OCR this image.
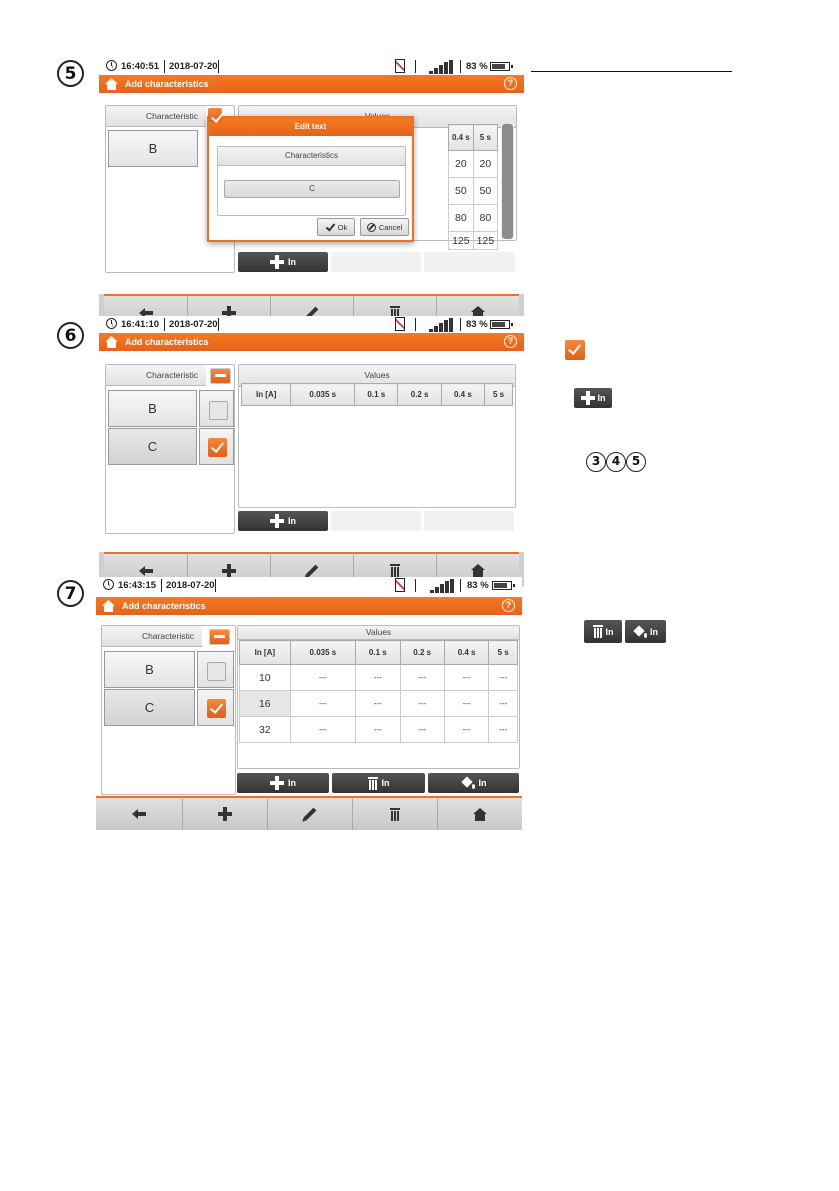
5	16:40:51 2018-07-20	83 %
Add characteristics	?
Characteristic
B
0.4 s	5 s
20	20
50	50
80	80
125	125
In
Edit text
Characteristics
C
Ok	Cancel
6
16:41:10 2018-07-20	83 %
Add characteristics	?
Characteristic
B
C
Values
In [A]	0.035 s	0.1 s	0.2 s	0.4 s	5 s
In
In
3 4 5
7	16:43:15 2018-07-20	83 %
Add characteristics	?
Characteristic
B
C
Values
In [A]	0.035 s	0.1 s	0.2 s	0.4 s	5 s
10	---	---	---	---	---
16	---	---	---	---	---
32	---	---	---	---	---
In	In	In
In	In
